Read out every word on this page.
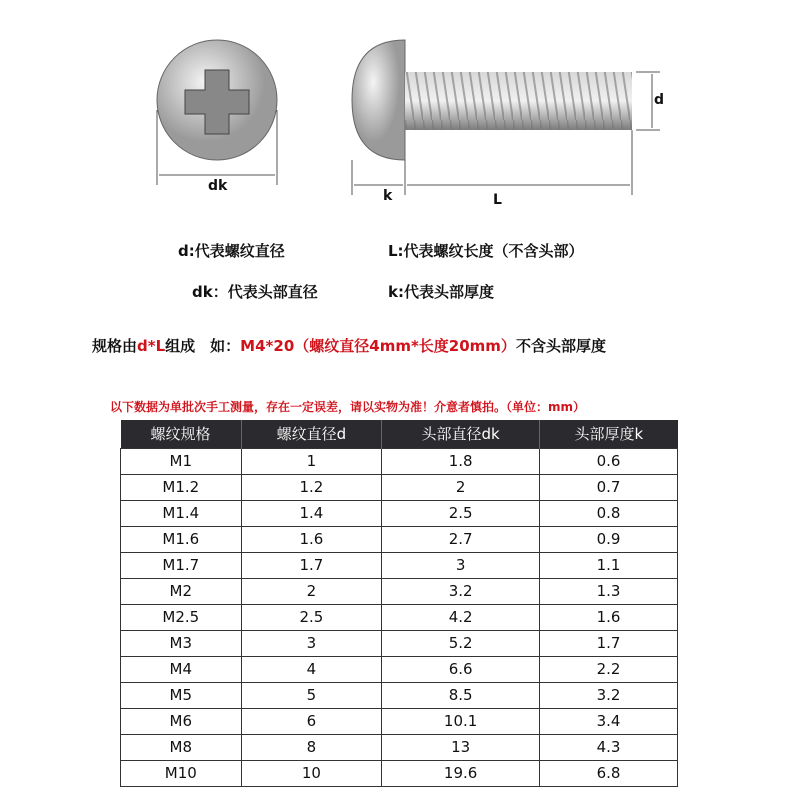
dk
d
k	L
d:代表螺纹直径	L:代表螺纹长度（不含头部）
dk：代表头部直径	k:代表头部厚度
规格由d*L组成　如：M4*20（螺纹直径4mm*长度20mm）不含头部厚度
以下数据为单批次手工测量，存在一定误差，请以实物为准！介意者慎拍。（单位：mm）
螺纹规格	螺纹直径d	头部直径dk	头部厚度k
M1	1	1.8	0.6
M1.2	1.2	2	0.7
M1.4	1.4	2.5	0.8
M1.6	1.6	2.7	0.9
M1.7	1.7	3	1.1
M2	2	3.2	1.3
M2.5	2.5	4.2	1.6
M3	3	5.2	1.7
M4	4	6.6	2.2
M5	5	8.5	3.2
M6	6	10.1	3.4
M8	8	13	4.3
M10	10	19.6	6.8
